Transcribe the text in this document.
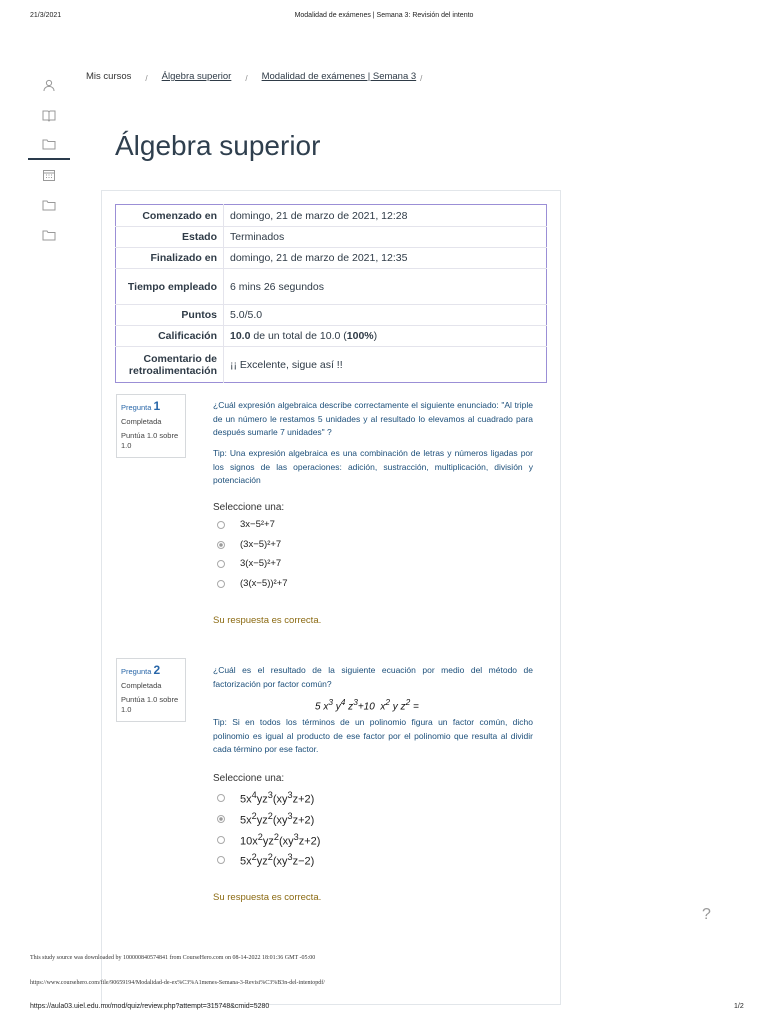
21/3/2021	Modalidad de exámenes | Semana 3: Revisión del intento
Mis cursos / Álgebra superior / Modalidad de exámenes | Semana 3 /
Álgebra superior
Comenzado en	domingo, 21 de marzo de 2021, 12:28
Estado	Terminados
Finalizado en	domingo, 21 de marzo de 2021, 12:35
Tiempo empleado	6 mins 26 segundos
Puntos	5.0/5.0
Calificación	10.0 de un total de 10.0 (100%)
Comentario de retroalimentación	¡¡ Excelente, sigue así !!
Pregunta 1

Completada

Puntúa 1.0 sobre 1.0

¿Cuál expresión algebraica describe correctamente el siguiente enunciado: "Al triple de un número le restamos 5 unidades y al resultado lo elevamos al cuadrado para después sumarle 7 unidades" ?
Tip: Una expresión algebraica es una combinación de letras y números ligadas por los signos de las operaciones: adición, sustracción, multiplicación, división y potenciación
Seleccione una:
3x−5²+7
(3x−5)²+7
3(x−5)²+7
(3(x−5))²+7
Su respuesta es correcta.
Pregunta 2

Completada

Puntúa 1.0 sobre 1.0

¿Cuál es el resultado de la siguiente ecuación por medio del método de factorización por factor común?
5 $x^3$ $y^4$ $z^3+10$  $x^2$ y $z^2$ =
Tip: Si en todos los términos de un polinomio figura un factor común, dicho polinomio es igual al producto de ese factor por el polinomio que resulta al dividir cada término por ese factor.
Seleccione una:
$5x^4yz^3(xy^3z+2)$
$5x^2yz^2(xy^3z+2)$
$10x^2yz^2(xy^3z+2)$
$5x^2yz^2(xy^3z-2)$
Su respuesta es correcta.
?
This study source was downloaded by 100000840574841 from CourseHero.com on 08-14-2022 18:01:36 GMT -05:00
https://www.coursehero.com/file/90659194/Modalidad-de-ex%C3%A1menes-Semana-3-Revisi%C3%B3n-del-intentopdf/
https://aula03.uiel.edu.mx/mod/quiz/review.php?attempt=315748&cmid=5280	1/2
